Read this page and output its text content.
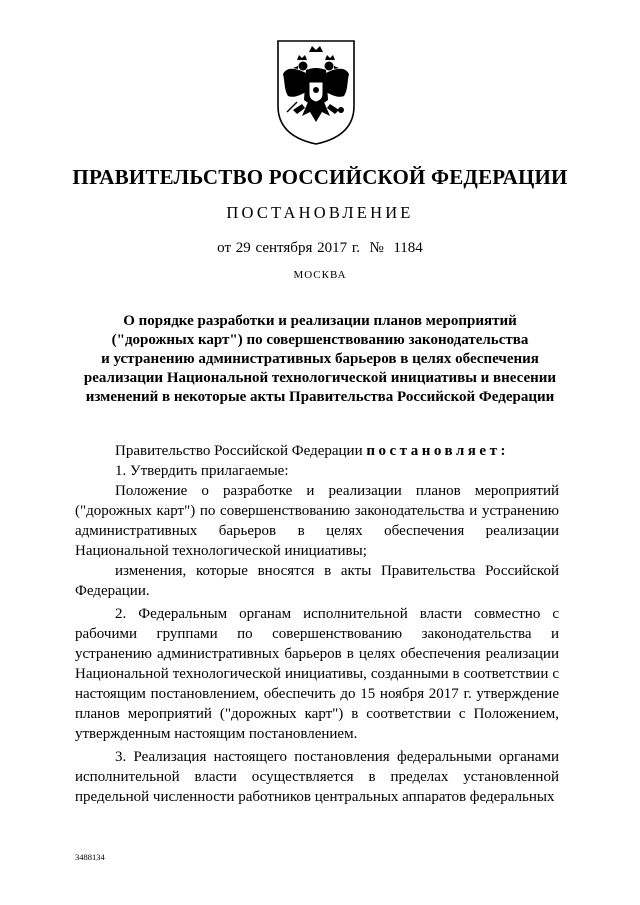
ПРАВИТЕЛЬСТВО РОССИЙСКОЙ ФЕДЕРАЦИИ
ПОСТАНОВЛЕНИЕ
от 29 сентября 2017 г.  №  1184
МОСКВА
О порядке разработки и реализации планов мероприятий
("дорожных карт") по совершенствованию законодательства
и устранению административных барьеров в целях обеспечения
реализации Национальной технологической инициативы и внесении
изменений в некоторые акты Правительства Российской Федерации

Правительство Российской Федерации постановляет:

1. Утвердить прилагаемые:

Положение о разработке и реализации планов мероприятий ("дорожных карт") по совершенствованию законодательства и устранению административных барьеров в целях обеспечения реализации Национальной технологической инициативы;

изменения, которые вносятся в акты Правительства Российской Федерации.

2. Федеральным органам исполнительной власти совместно с рабочими группами по совершенствованию законодательства и устранению административных барьеров в целях обеспечения реализации Национальной технологической инициативы, созданными в соответствии с настоящим постановлением, обеспечить до 15 ноября 2017 г. утверждение планов мероприятий ("дорожных карт") в соответствии с Положением, утвержденным настоящим постановлением.

3. Реализация настоящего постановления федеральными органами исполнительной власти осуществляется в пределах установленной предельной численности работников центральных аппаратов федеральных

3488134
